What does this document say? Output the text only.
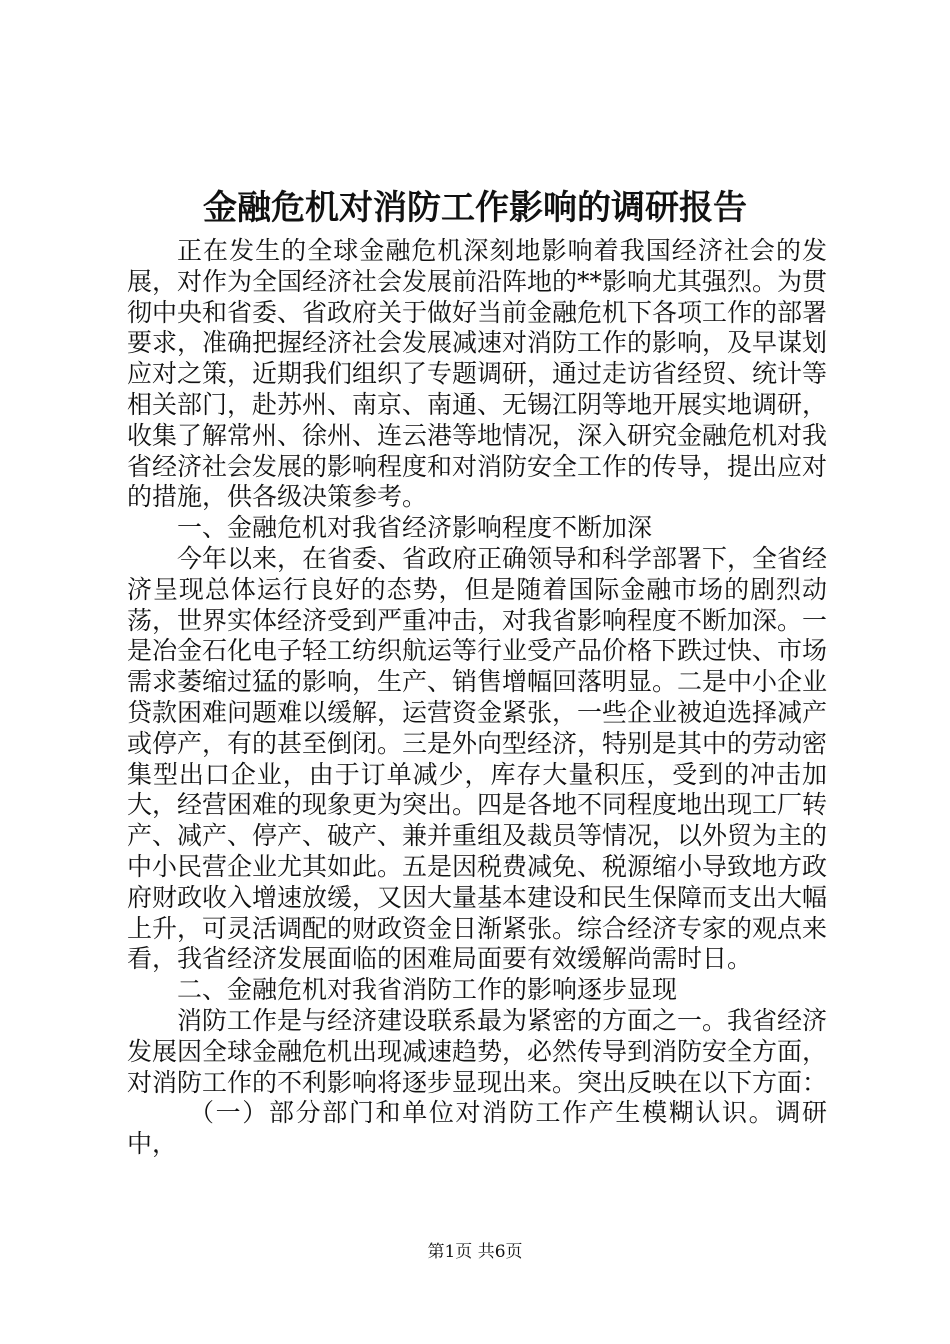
金融危机对消防工作影响的调研报告

正在发生的全球金融危机深刻地影响着我国经济社会的发展，对作为全国经济社会发展前沿阵地的**影响尤其强烈。为贯彻中央和省委、省政府关于做好当前金融危机下各项工作的部署要求，准确把握经济社会发展减速对消防工作的影响，及早谋划应对之策，近期我们组织了专题调研，通过走访省经贸、统计等相关部门，赴苏州、南京、南通、无锡江阴等地开展实地调研，收集了解常州、徐州、连云港等地情况，深入研究金融危机对我省经济社会发展的影响程度和对消防安全工作的传导，提出应对的措施，供各级决策参考。

一、金融危机对我省经济影响程度不断加深

今年以来，在省委、省政府正确领导和科学部署下，全省经济呈现总体运行良好的态势，但是随着国际金融市场的剧烈动荡，世界实体经济受到严重冲击，对我省影响程度不断加深。一是冶金石化电子轻工纺织航运等行业受产品价格下跌过快、市场需求萎缩过猛的影响，生产、销售增幅回落明显。二是中小企业贷款困难问题难以缓解，运营资金紧张，一些企业被迫选择减产或停产，有的甚至倒闭。三是外向型经济，特别是其中的劳动密集型出口企业，由于订单减少，库存大量积压，受到的冲击加大，经营困难的现象更为突出。四是各地不同程度地出现工厂转产、减产、停产、破产、兼并重组及裁员等情况，以外贸为主的中小民营企业尤其如此。五是因税费减免、税源缩小导致地方政府财政收入增速放缓，又因大量基本建设和民生保障而支出大幅上升，可灵活调配的财政资金日渐紧张。综合经济专家的观点来看，我省经济发展面临的困难局面要有效缓解尚需时日。

二、金融危机对我省消防工作的影响逐步显现

消防工作是与经济建设联系最为紧密的方面之一。我省经济发展因全球金融危机出现减速趋势，必然传导到消防安全方面，对消防工作的不利影响将逐步显现出来。突出反映在以下方面：

（一）部分部门和单位对消防工作产生模糊认识。调研中，

第1页 共6页
